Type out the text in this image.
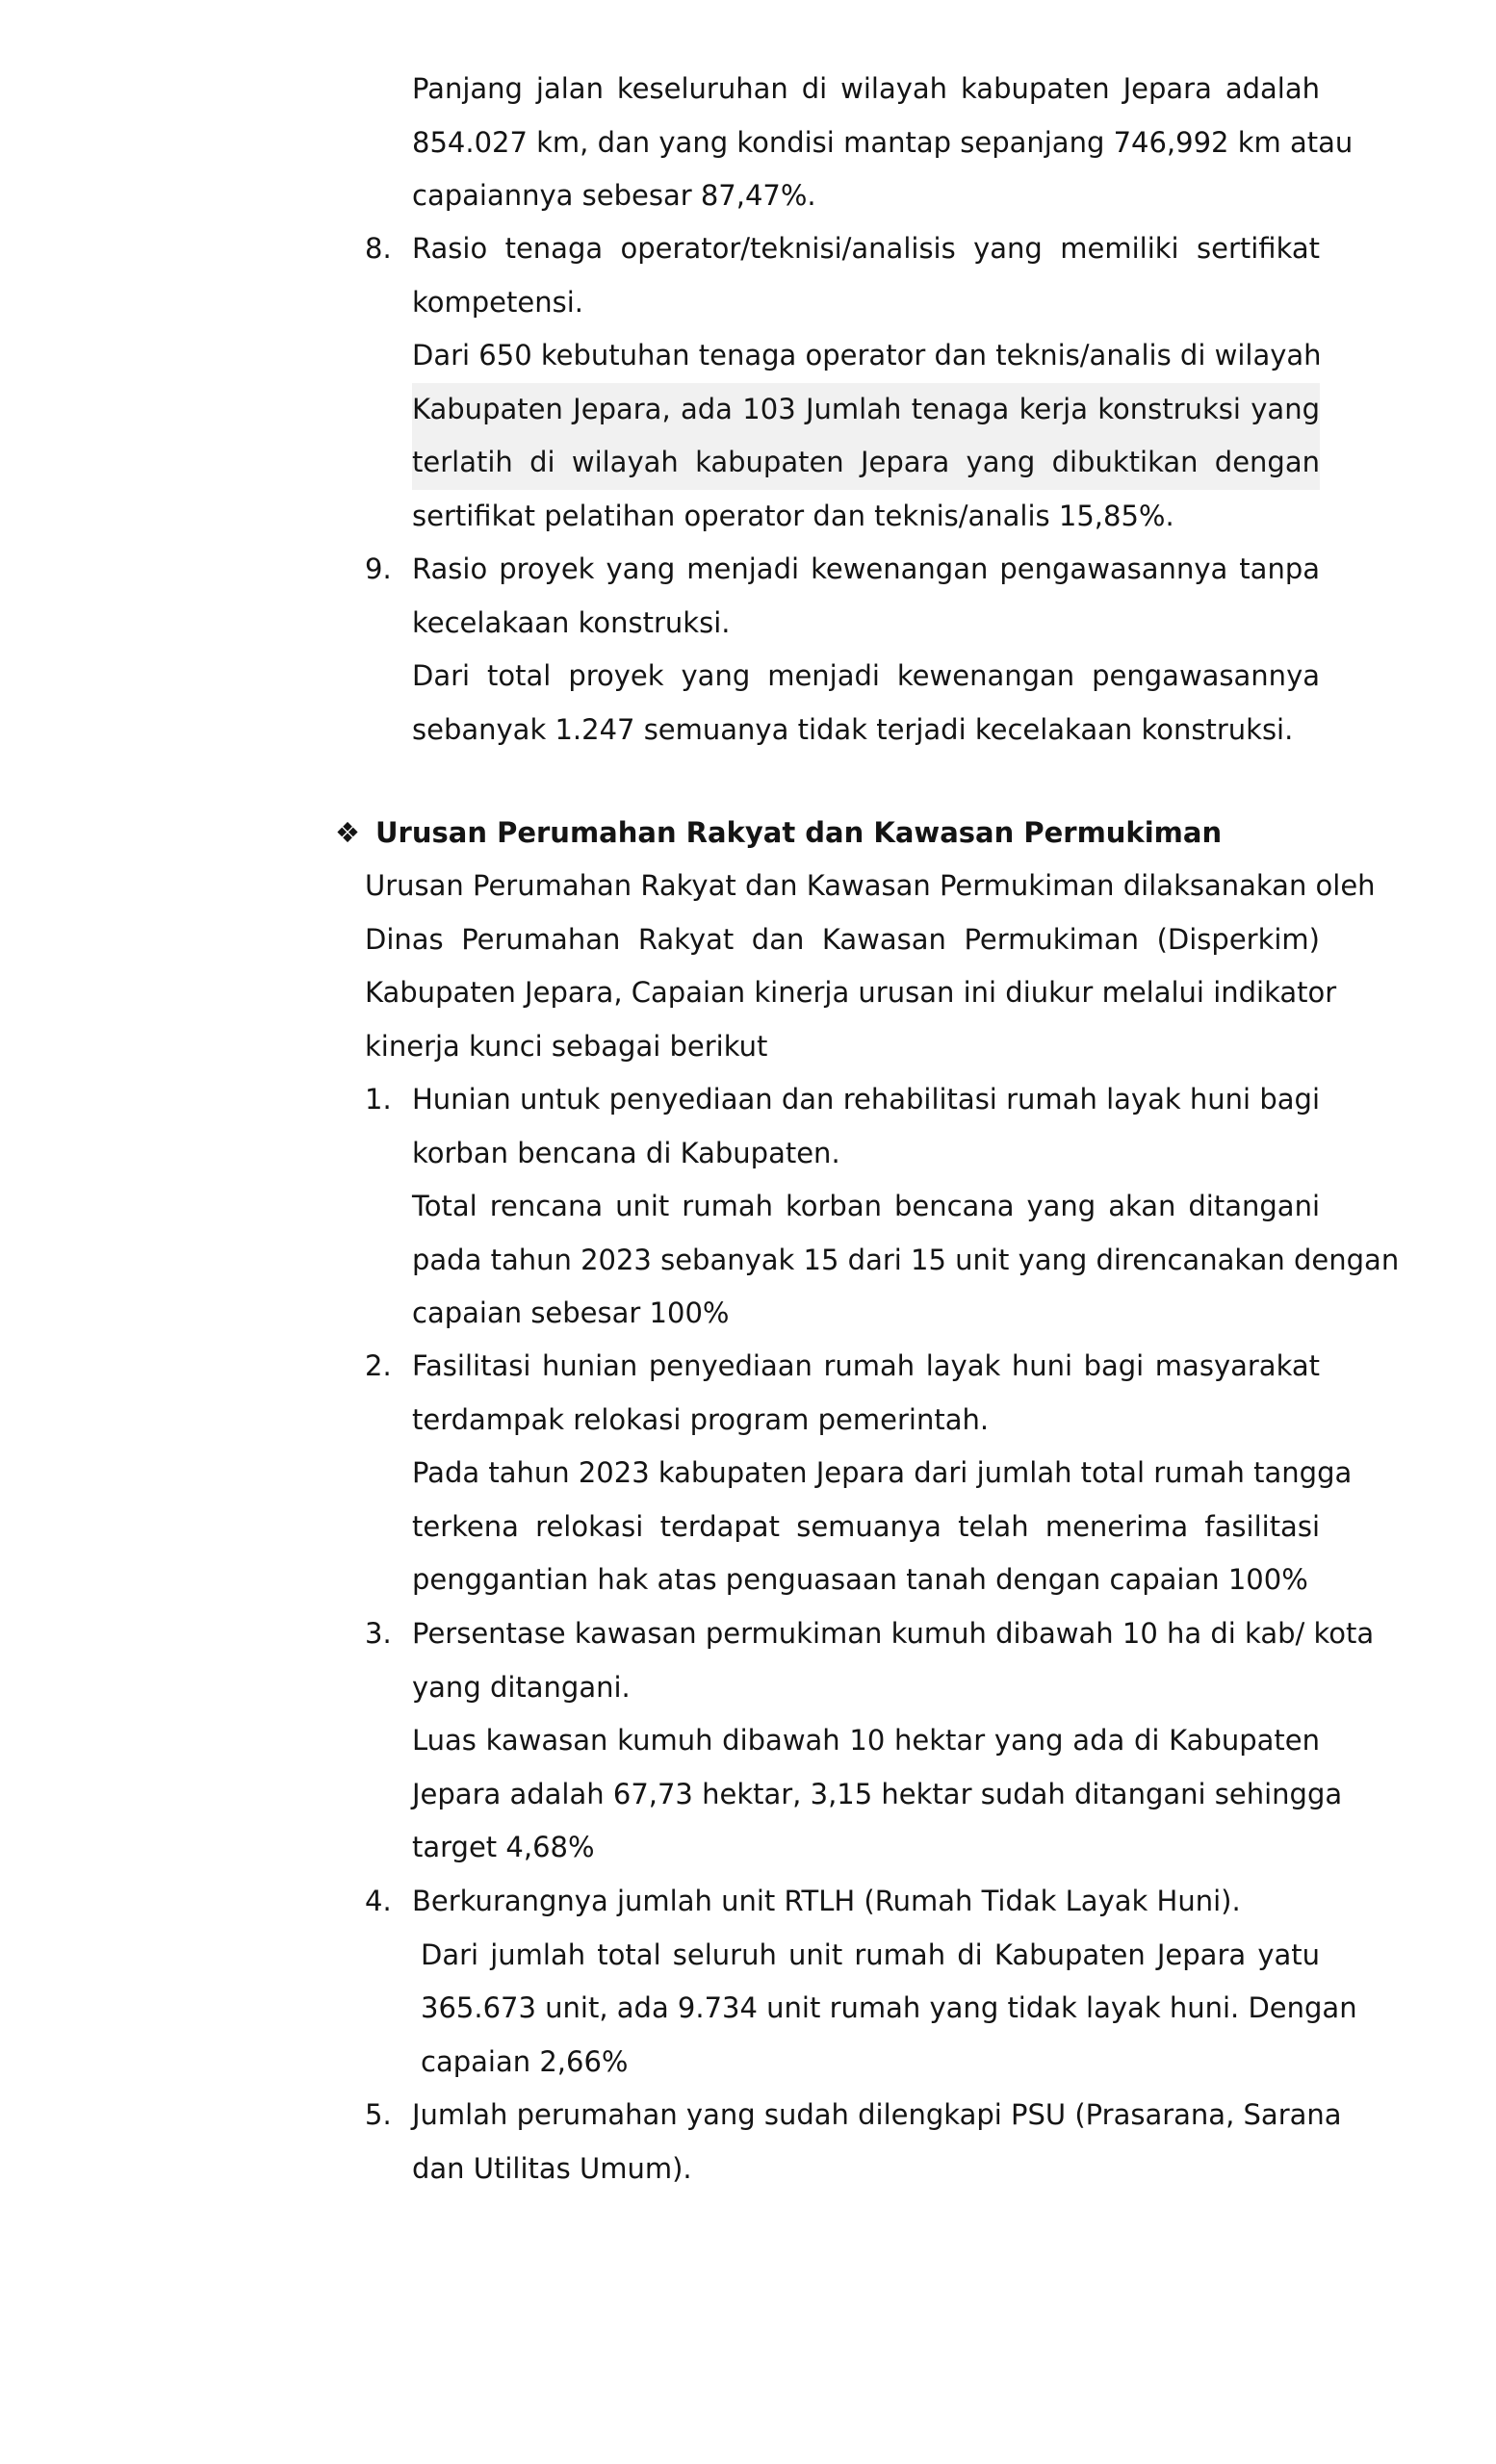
Panjang jalan keseluruhan di wilayah kabupaten Jepara adalah
854.027 km, dan yang kondisi mantap sepanjang 746,992 km atau
capaiannya sebesar 87,47%.
8. Rasio tenaga operator/teknisi/analisis yang memiliki sertifikat
kompetensi.
Dari 650 kebutuhan tenaga operator dan teknis/analis di wilayah
Kabupaten Jepara, ada 103 Jumlah tenaga kerja konstruksi yang
terlatih di wilayah kabupaten Jepara yang dibuktikan dengan
sertifikat pelatihan operator dan teknis/analis 15,85%.
9. Rasio proyek yang menjadi kewenangan pengawasannya tanpa
kecelakaan konstruksi.
Dari total proyek yang menjadi kewenangan pengawasannya
sebanyak 1.247 semuanya tidak terjadi kecelakaan konstruksi.
❖ Urusan Perumahan Rakyat dan Kawasan Permukiman
Urusan Perumahan Rakyat dan Kawasan Permukiman dilaksanakan oleh
Dinas Perumahan Rakyat dan Kawasan Permukiman (Disperkim)
Kabupaten Jepara, Capaian kinerja urusan ini diukur melalui indikator
kinerja kunci sebagai berikut
1. Hunian untuk penyediaan dan rehabilitasi rumah layak huni bagi
korban bencana di Kabupaten.
Total rencana unit rumah korban bencana yang akan ditangani
pada tahun 2023 sebanyak 15 dari 15 unit yang direncanakan dengan
capaian sebesar 100%
2. Fasilitasi hunian penyediaan rumah layak huni bagi masyarakat
terdampak relokasi program pemerintah.
Pada tahun 2023 kabupaten Jepara dari jumlah total rumah tangga
terkena relokasi terdapat semuanya telah menerima fasilitasi
penggantian hak atas penguasaan tanah dengan capaian 100%
3. Persentase kawasan permukiman kumuh dibawah 10 ha di kab/ kota
yang ditangani.
Luas kawasan kumuh dibawah 10 hektar yang ada di Kabupaten
Jepara adalah 67,73 hektar, 3,15 hektar sudah ditangani sehingga
target 4,68%
4. Berkurangnya jumlah unit RTLH (Rumah Tidak Layak Huni).
Dari jumlah total seluruh unit rumah di Kabupaten Jepara yatu
365.673 unit, ada 9.734 unit rumah yang tidak layak huni. Dengan
capaian 2,66%
5. Jumlah perumahan yang sudah dilengkapi PSU (Prasarana, Sarana
dan Utilitas Umum).
